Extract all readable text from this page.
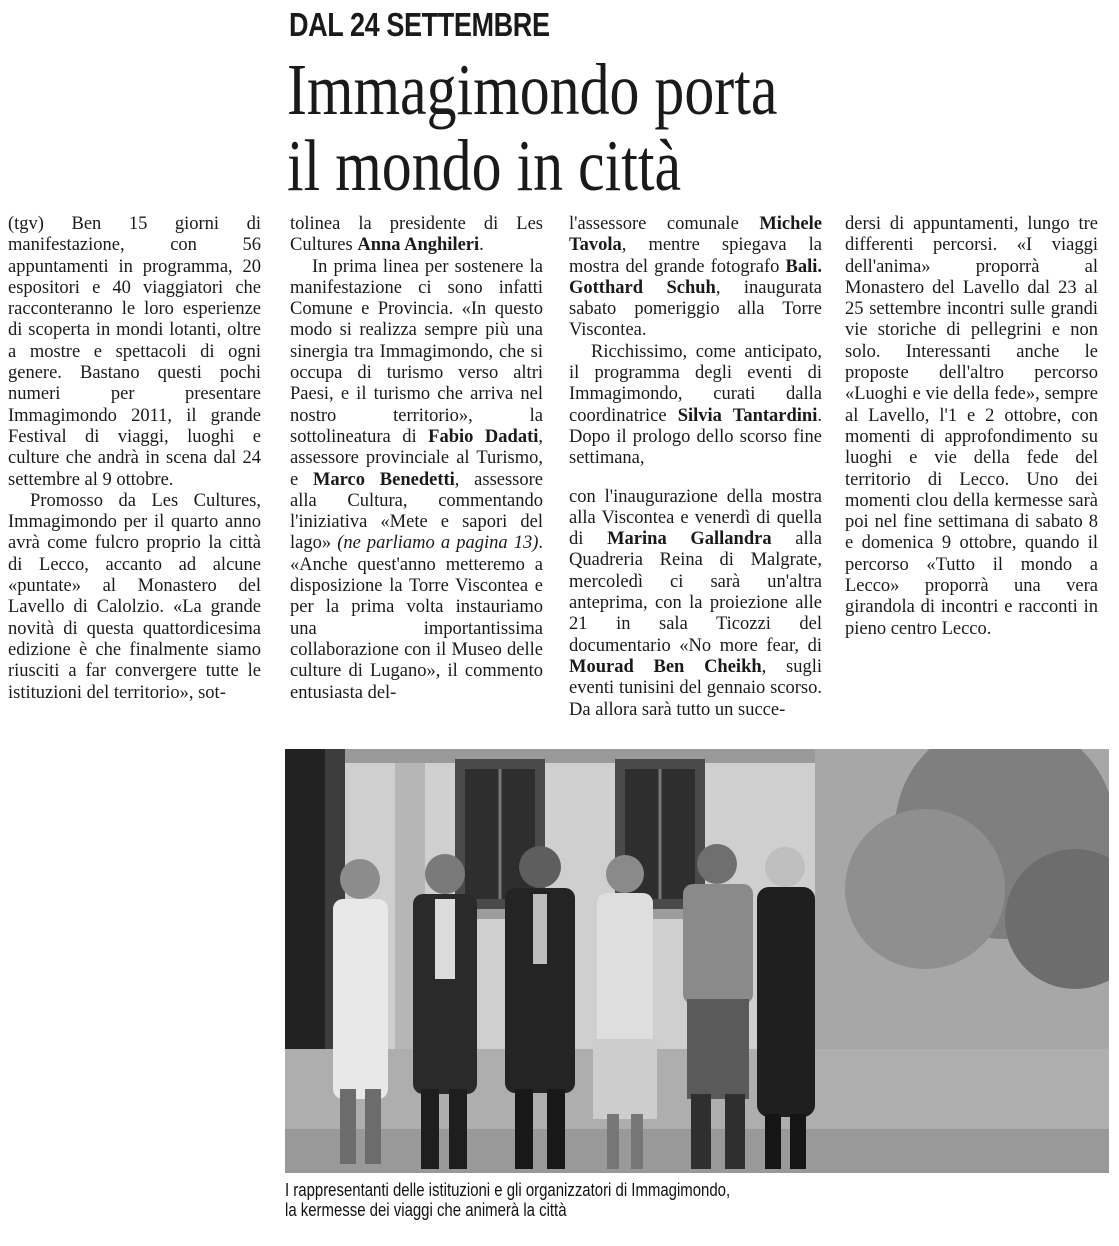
DAL 24 SETTEMBRE
Immagimondo porta
il mondo in città

(tgv) Ben 15 giorni di manifestazione, con 56 appuntamenti in programma, 20 espositori e 40 viaggiatori che racconteranno le loro esperienze di scoperta in mondi lotanti, oltre a mostre e spettacoli di ogni genere. Bastano questi pochi numeri per presentare Immagimondo 2011, il grande Festival di viaggi, luoghi e culture che andrà in scena dal 24 settembre al 9 ottobre.

Promosso da Les Cultures, Immagimondo per il quarto anno avrà come fulcro proprio la città di Lecco, accanto ad alcune «puntate» al Monastero del Lavello di Calolzio. «La grande novità di questa quattordicesima edizione è che finalmente siamo riusciti a far convergere tutte le istituzioni del territorio», sot-

tolinea la presidente di Les Cultures Anna Anghileri.

In prima linea per sostenere la manifestazione ci sono infatti Comune e Provincia. «In questo modo si realizza sempre più una sinergia tra Immagimondo, che si occupa di turismo verso altri Paesi, e il turismo che arriva nel nostro territorio», la sottolineatura di Fabio Dadati, assessore provinciale al Turismo, e Marco Benedetti, assessore alla Cultura, commentando l'iniziativa «Mete e sapori del lago» (ne parliamo a pagina 13). «Anche quest'anno metteremo a disposizione la Torre Viscontea e per la prima volta instauriamo una importantissima collaborazione con il Museo delle culture di Lugano», il commento entusiasta del-

l'assessore comunale Michele Tavola, mentre spiegava la mostra del grande fotografo Bali. Gotthard Schuh, inaugurata sabato pomeriggio alla Torre Viscontea.

Ricchissimo, come anticipato, il programma degli eventi di Immagimondo, curati dalla coordinatrice Silvia Tantardini. Dopo il prologo dello scorso fine settimana,

con l'inaugurazione della mostra alla Viscontea e venerdì di quella di Marina Gallandra alla Quadreria Reina di Malgrate, mercoledì ci sarà un'altra anteprima, con la proiezione alle 21 in sala Ticozzi del documentario «No more fear, di Mourad Ben Cheikh, sugli eventi tunisini del gennaio scorso. Da allora sarà tutto un succe-

dersi di appuntamenti, lungo tre differenti percorsi. «I viaggi dell'anima» proporrà al Monastero del Lavello dal 23 al 25 settembre incontri sulle grandi vie storiche di pellegrini e non solo. Interessanti anche le proposte dell'altro percorso «Luoghi e vie della fede», sempre al Lavello, l'1 e 2 ottobre, con momenti di approfondimento su luoghi e vie della fede del territorio di Lecco. Uno dei momenti clou della kermesse sarà poi nel fine settimana di sabato 8 e domenica 9 ottobre, quando il percorso «Tutto il mondo a Lecco» proporrà una vera girandola di incontri e racconti in pieno centro Lecco.

I rappresentanti delle istituzioni e gli organizzatori di Immagimondo,
la kermesse dei viaggi che animerà la città
